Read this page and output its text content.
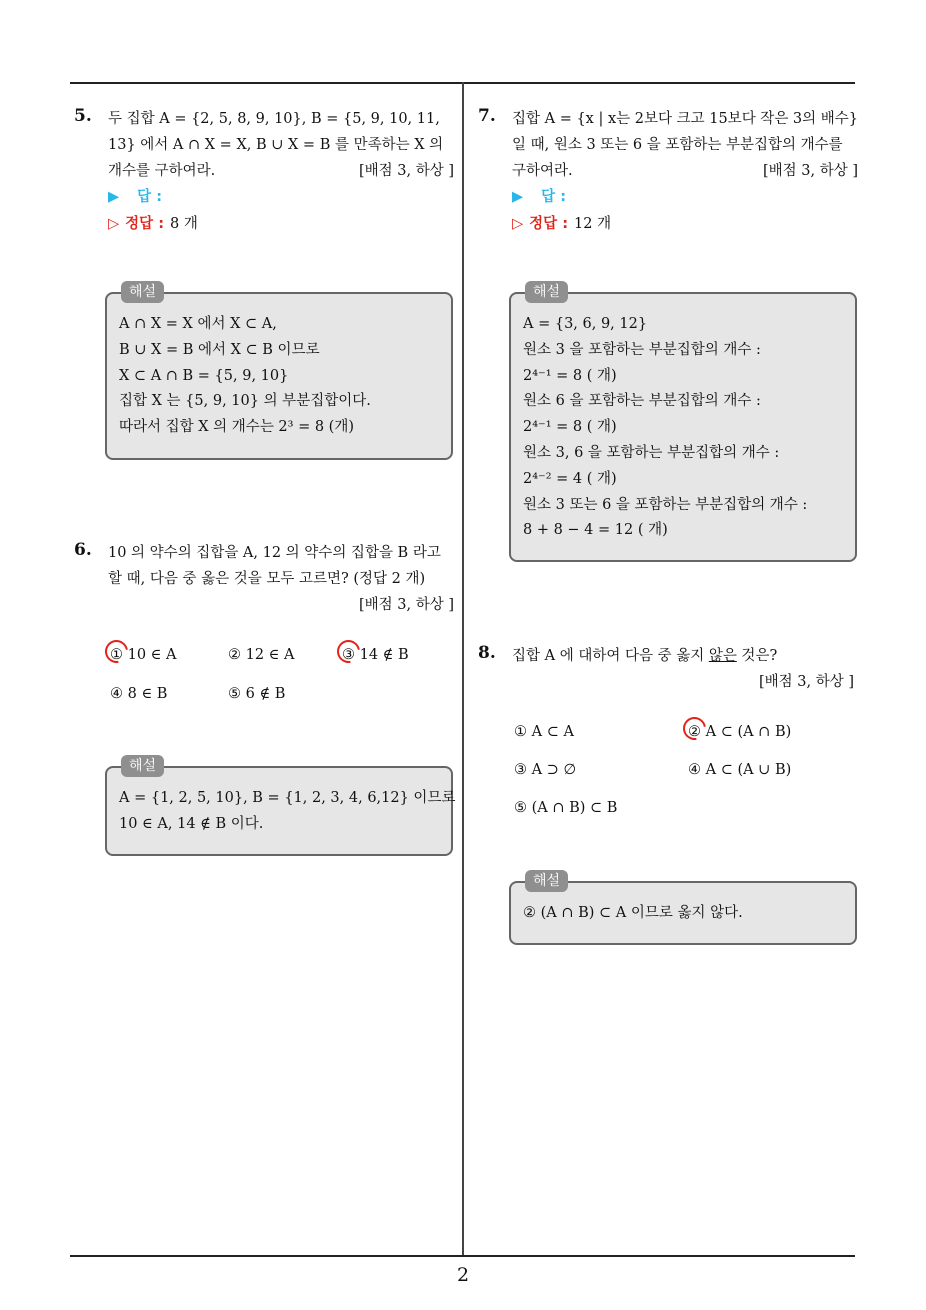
5. 두 집합 A = {2, 5, 8, 9, 10}, B = {5, 9, 10, 11,
13} 에서 A ∩ X = X, B ∪ X = B 를 만족하는 X 의
개수를 구하여라.	[배점 3, 하상 ]
▶ 답 :
▷ 정답 : 8 개
해설
A ∩ X = X 에서 X ⊂ A,
B ∪ X = B 에서 X ⊂ B 이므로
X ⊂ A ∩ B = {5, 9, 10}
집합 X 는 {5, 9, 10} 의 부분집합이다.
따라서 집합 X 의 개수는 2³ = 8 (개)
6. 10 의 약수의 집합을 A, 12 의 약수의 집합을 B 라고
할 때, 다음 중 옳은 것을 모두 고르면? (정답 2 개)
[배점 3, 하상 ]
① 10 ∈ A	② 12 ∈ A	③ 14 ∉ B
④ 8 ∈ B	⑤ 6 ∉ B
해설
A = {1, 2, 5, 10}, B = {1, 2, 3, 4, 6,12} 이므로
10 ∈ A, 14 ∉ B 이다.
7. 집합 A = {x | x는 2보다 크고 15보다 작은 3의 배수}
일 때, 원소 3 또는 6 을 포함하는 부분집합의 개수를
구하여라.	[배점 3, 하상 ]
▶ 답 :
▷ 정답 : 12 개
해설
A = {3, 6, 9, 12}
원소 3 을 포함하는 부분집합의 개수 :
2⁴⁻¹ = 8 ( 개)
원소 6 을 포함하는 부분집합의 개수 :
2⁴⁻¹ = 8 ( 개)
원소 3, 6 을 포함하는 부분집합의 개수 :
2⁴⁻² = 4 ( 개)
원소 3 또는 6 을 포함하는 부분집합의 개수 :
8 + 8 − 4 = 12 ( 개)
8. 집합 A 에 대하여 다음 중 옳지 않은 것은?
[배점 3, 하상 ]
① A ⊂ A	② A ⊂ (A ∩ B)
③ A ⊃ ∅	④ A ⊂ (A ∪ B)
⑤ (A ∩ B) ⊂ B
해설
② (A ∩ B) ⊂ A 이므로 옳지 않다.
2
